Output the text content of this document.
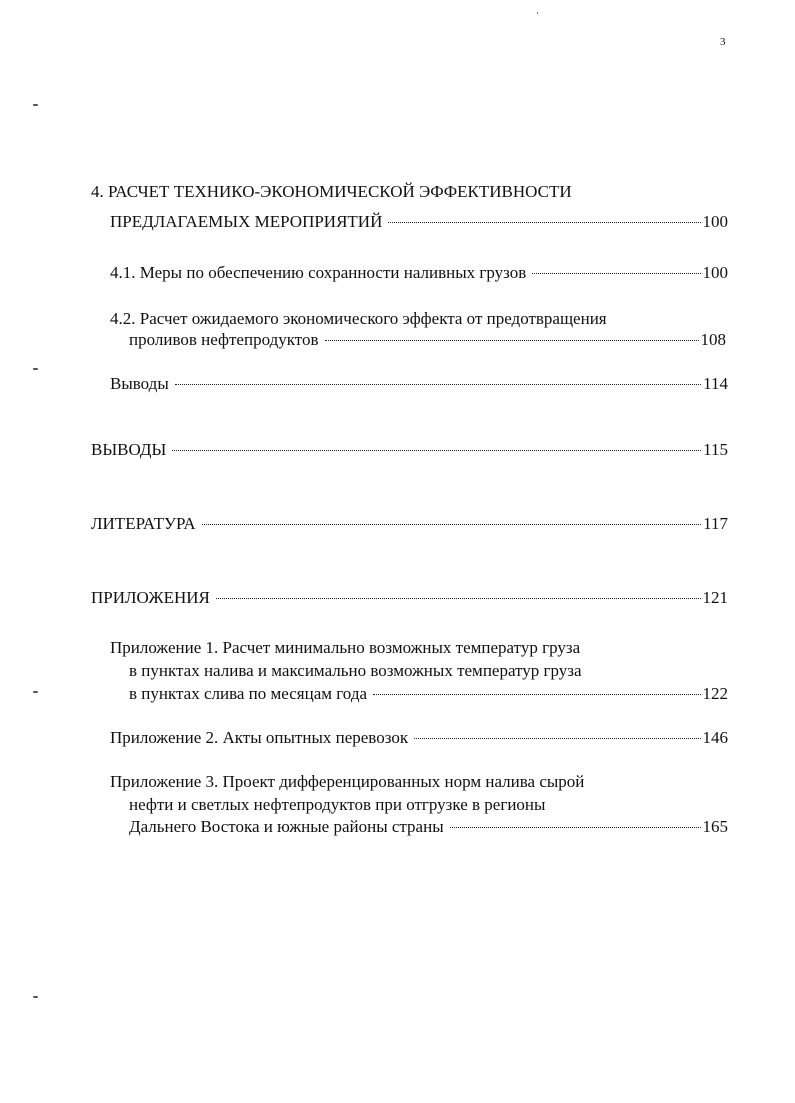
3
4. РАСЧЕТ ТЕХНИКО-ЭКОНОМИЧЕСКОЙ ЭФФЕКТИВНОСТИ
ПРЕДЛАГАЕМЫХ МЕРОПРИЯТИЙ	100
4.1. Меры по обеспечению сохранности наливных грузов	100
4.2. Расчет ожидаемого экономического эффекта от предотвращения
проливов нефтепродуктов	108
Выводы	114
ВЫВОДЫ	115
ЛИТЕРАТУРА	117
ПРИЛОЖЕНИЯ	121
Приложение 1. Расчет минимально возможных температур груза
в пунктах налива и максимально возможных температур груза
в пунктах слива по месяцам года	122
Приложение 2. Акты опытных перевозок	146
Приложение 3. Проект дифференцированных норм налива сырой
нефти и светлых нефтепродуктов при отгрузке в регионы
Дальнего Востока и южные районы страны	165
